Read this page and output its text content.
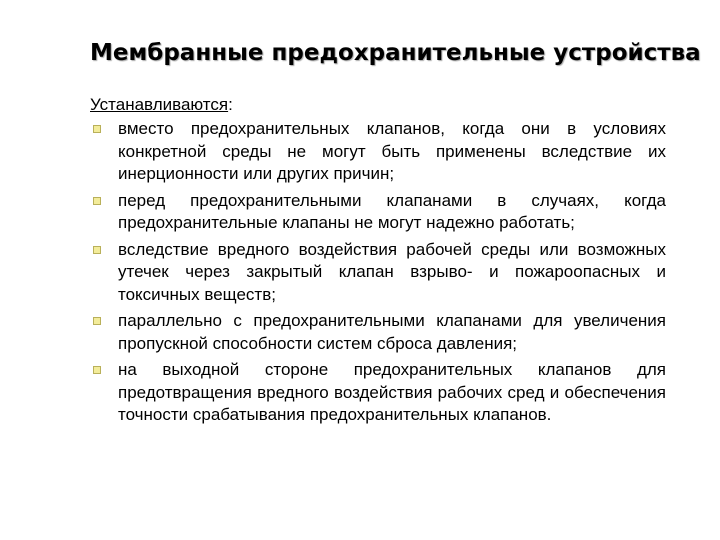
Мембранные предохранительные устройства
Устанавливаются:
вместо предохранительных клапанов, когда они в условиях конкретной среды не могут быть применены вследствие их инерционности или других причин;
перед предохранительными клапанами в случаях, когда предохранительные клапаны не могут надежно работать;
вследствие вредного воздействия рабочей среды или возможных утечек через закрытый клапан взрыво- и пожароопасных и токсичных веществ;
параллельно с предохранительными клапанами для увеличения пропускной способности систем сброса давления;
на выходной стороне предохранительных клапанов для предотвращения вредного воздействия рабочих сред и обеспечения точности срабатывания предохранительных клапанов.
